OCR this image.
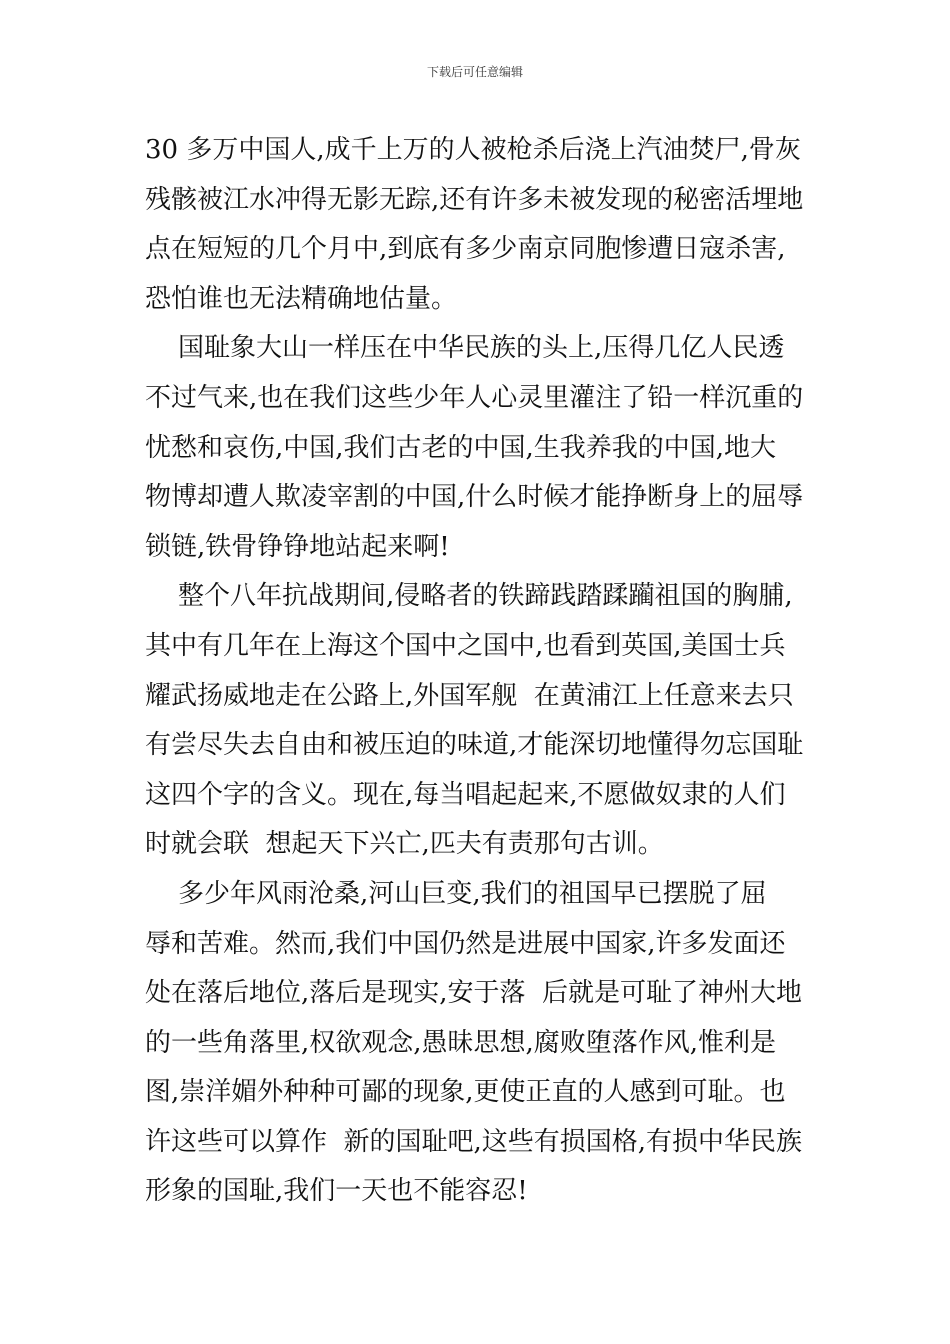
下载后可任意编辑
30 多万中国人,成千上万的人被枪杀后浇上汽油焚尸,骨灰
残骸被江水冲得无影无踪,还有许多未被发现的秘密活埋地
点在短短的几个月中,到底有多少南京同胞惨遭日寇杀害,
恐怕谁也无法精确地估量。
国耻象大山一样压在中华民族的头上,压得几亿人民透
不过气来,也在我们这些少年人心灵里灌注了铅一样沉重的
忧愁和哀伤,中国,我们古老的中国,生我养我的中国,地大
物博却遭人欺凌宰割的中国,什么时候才能挣断身上的屈辱
锁链,铁骨铮铮地站起来啊!
整个八年抗战期间,侵略者的铁蹄践踏蹂躏祖国的胸脯,
其中有几年在上海这个国中之国中,也看到英国,美国士兵
耀武扬威地走在公路上,外国军舰  在黄浦江上任意来去只
有尝尽失去自由和被压迫的味道,才能深切地懂得勿忘国耻
这四个字的含义。现在,每当唱起起来,不愿做奴隶的人们
时就会联  想起天下兴亡,匹夫有责那句古训。
多少年风雨沧桑,河山巨变,我们的祖国早已摆脱了屈
辱和苦难。然而,我们中国仍然是进展中国家,许多发面还
处在落后地位,落后是现实,安于落  后就是可耻了神州大地
的一些角落里,权欲观念,愚昧思想,腐败堕落作风,惟利是
图,崇洋媚外种种可鄙的现象,更使正直的人感到可耻。也
许这些可以算作  新的国耻吧,这些有损国格,有损中华民族
形象的国耻,我们一天也不能容忍!
